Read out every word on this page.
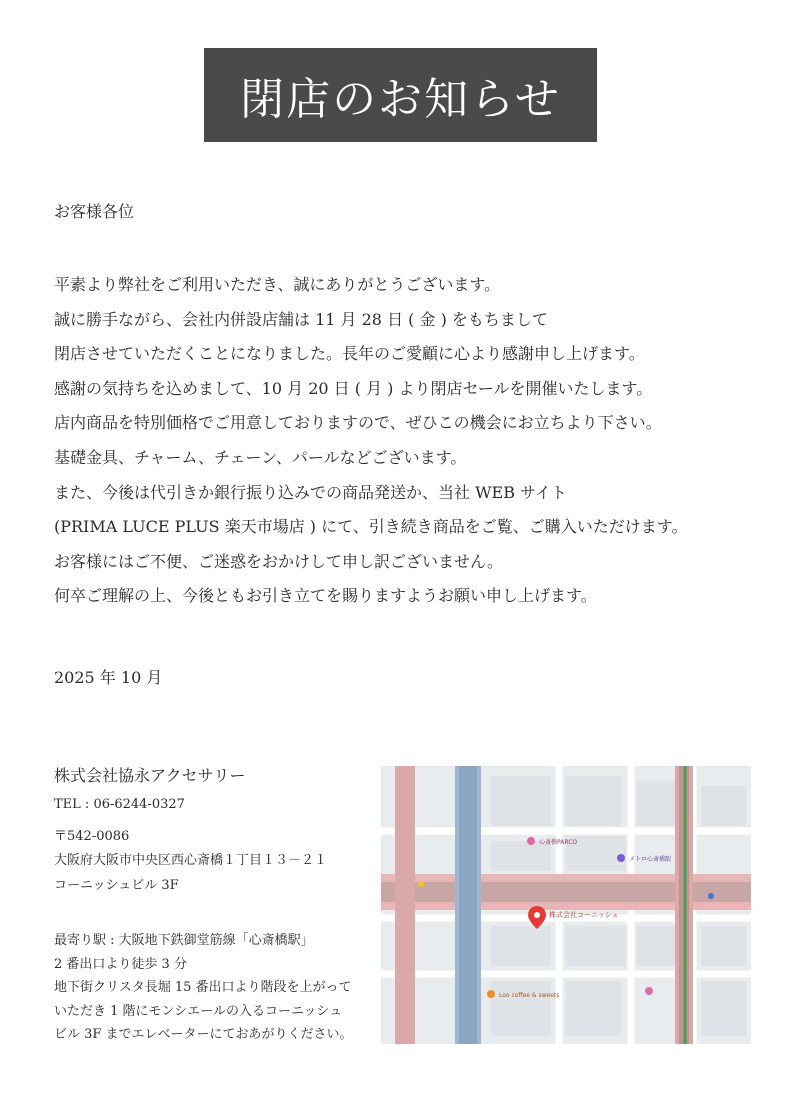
閉店のお知らせ
お客様各位
平素より弊社をご利用いただき、誠にありがとうございます。
誠に勝手ながら、会社内併設店舗は 11 月 28 日 ( 金 ) をもちまして
閉店させていただくことになりました。長年のご愛顧に心より感謝申し上げます。
感謝の気持ちを込めまして、10 月 20 日 ( 月 ) より閉店セールを開催いたします。
店内商品を特別価格でご用意しておりますので、ぜひこの機会にお立ちより下さい。
基礎金具、チャーム、チェーン、パールなどございます。
また、今後は代引きか銀行振り込みでの商品発送か、当社 WEB サイト
(PRIMA LUCE PLUS 楽天市場店 ) にて、引き続き商品をご覧、ご購入いただけます。
お客様にはご不便、ご迷惑をおかけして申し訳ございません。
何卒ご理解の上、今後ともお引き立てを賜りますようお願い申し上げます。
2025 年 10 月
株式会社協永アクセサリー
TEL : 06-6244-0327
〒542-0086
大阪府大阪市中央区西心斎橋１丁目１３－２１
コーニッシュビル 3F
最寄り駅 : 大阪地下鉄御堂筋線「心斎橋駅」
2 番出口より徒歩 3 分
地下街クリスタ長堀 15 番出口より階段を上がって
いただき 1 階にモンシエールの入るコーニッシュ
ビル 3F までエレベーターにておあがりください。
株式会社コーニッシュ
Loo coffee & sweets
心斎橋PARCO
メトロ心斎橋駅
